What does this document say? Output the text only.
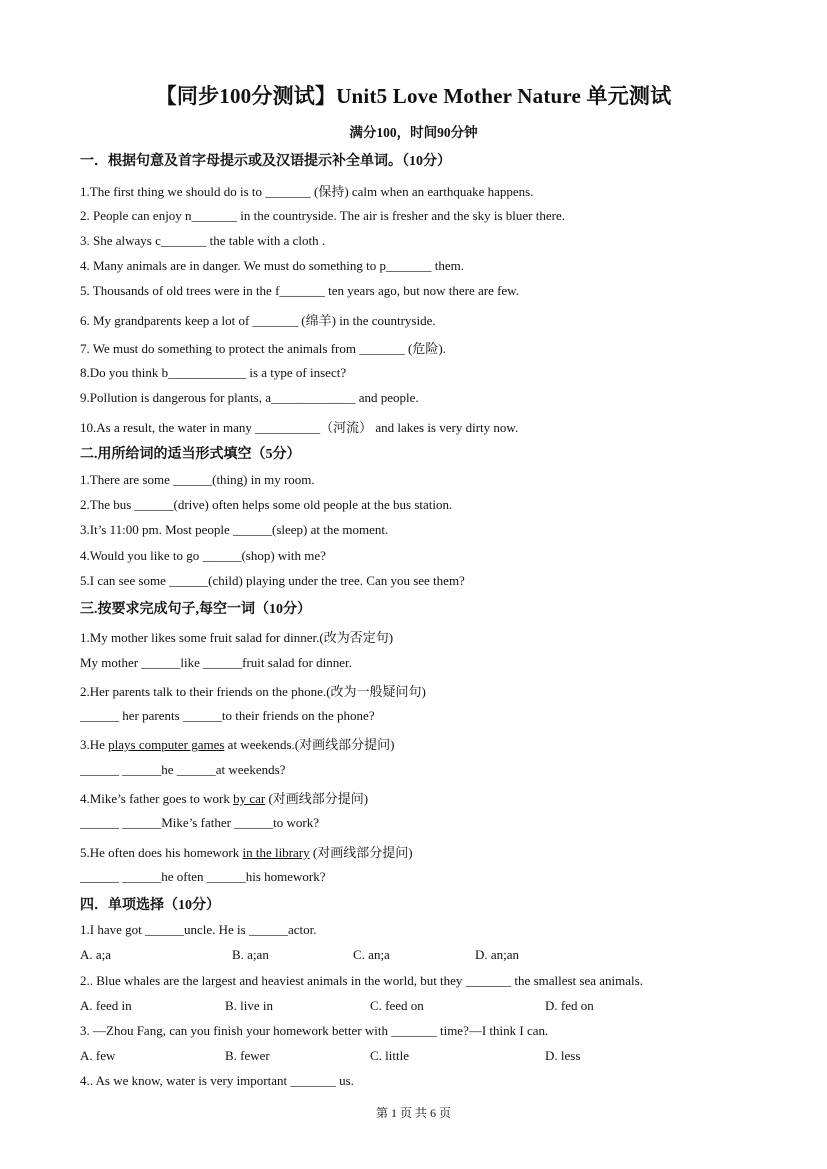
【同步100分测试】Unit5 Love Mother Nature 单元测试
满分100，时间90分钟
一．根据句意及首字母提示或及汉语提示补全单词。（10分）
1.The first thing we should do is to _______ (保持) calm when an earthquake happens.
2. People can enjoy n_______ in the countryside. The air is fresher and the sky is bluer there.
3. She always c_______ the table with a cloth .
4. Many animals are in danger. We must do something to p_______ them.
5. Thousands of old trees were in the f_______ ten years ago, but now there are few.
6. My grandparents keep a lot of _______ (绵羊) in the countryside.
7. We must do something to protect the animals from _______ (危险).
8.Do you think b____________ is a type of insect?
9.Pollution is dangerous for plants, a_____________ and people.
10.As a result, the water in many __________（河流） and lakes is very dirty now.
二.用所给词的适当形式填空（5分）
1.There are some ______(thing) in my room.
2.The bus ______(drive) often helps some old people at the bus station.
3.It’s 11:00 pm. Most people ______(sleep) at the moment.
4.Would you like to go ______(shop) with me?
5.I can see some ______(child) playing under the tree. Can you see them?
三.按要求完成句子,每空一词（10分）
1.My mother likes some fruit salad for dinner.(改为否定句)
My mother ______like ______fruit salad for dinner.
2.Her parents talk to their friends on the phone.(改为一般疑问句)
______ her parents ______to their friends on the phone?
3.He plays computer games at weekends.(对画线部分提问)
______ ______he ______at weekends?
4.Mike’s father goes to work by car (对画线部分提问)
______ ______Mike’s father ______to work?
5.He often does his homework in the library (对画线部分提问)
______ ______he often ______his homework?
四．单项选择（10分）
1.I have got ______uncle. He is ______actor.
A. a;a	B. a;an	C. an;a	D. an;an
2.. Blue whales are the largest and heaviest animals in the world, but they _______ the smallest sea animals.
A. feed in	B. live in	C. feed on	D. fed on
3. —Zhou Fang, can you finish your homework better with _______ time?—I think I can.
A. few	B. fewer	C. little	D. less
4.. As we know, water is very important _______ us.
第 1 页 共 6 页
